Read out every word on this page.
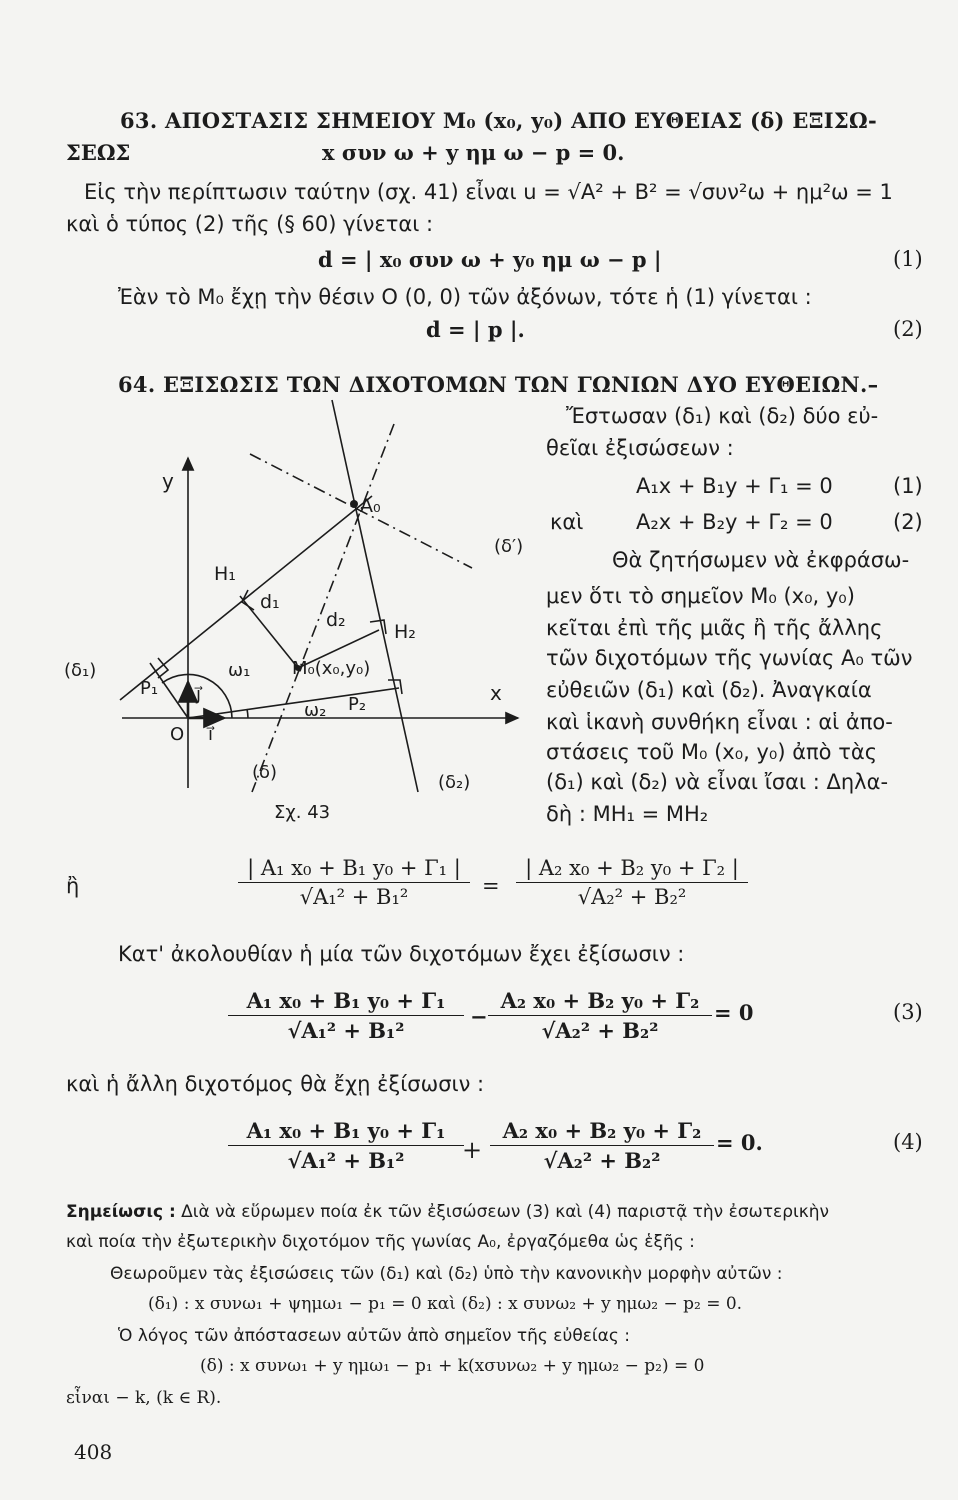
63. ΑΠΟΣΤΑΣΙΣ ΣΗΜΕΙΟΥ M₀ (x₀, y₀) ΑΠΟ ΕΥΘΕΙΑΣ (δ) ΕΞΙΣΩ-
ΣΕΩΣ	x συν ω + y ημ ω − p = 0.
Εἰς τὴν περίπτωσιν ταύτην (σχ. 41) εἶναι u = √A² + B² = √συν²ω + ημ²ω = 1
καὶ ὁ τύπος (2) τῆς (§ 60) γίνεται :
d = | x₀ συν ω + y₀ ημ ω − p |	(1)
Ἐὰν τὸ M₀ ἔχῃ τὴν θέσιν O (0, 0) τῶν ἀξόνων, τότε ἡ (1) γίνεται :
d = | p |.	(2)
64. ΕΞΙΣΩΣΙΣ ΤΩΝ ΔΙΧΟΤΟΜΩΝ ΤΩΝ ΓΩΝΙΩΝ ΔΥΟ ΕΥΘΕΙΩΝ.–
Ἔστωσαν (δ₁) καὶ (δ₂) δύο εὐ-
θεῖαι ἐξισώσεων :
A₁x + B₁y + Γ₁ = 0	(1)
καὶ	A₂x + B₂y + Γ₂ = 0	(2)
Θὰ ζητήσωμεν νὰ ἐκφράσω-
μεν ὅτι τὸ σημεῖον M₀ (x₀, y₀)
κεῖται ἐπὶ τῆς μιᾶς ἢ τῆς ἄλλης
τῶν διχοτόμων τῆς γωνίας A₀ τῶν
εὐθειῶν (δ₁) καὶ (δ₂). Ἀναγκαία
καὶ ἱκανὴ συνθήκη εἶναι : αἱ ἀπο-
στάσεις τοῦ M₀ (x₀, y₀) ἀπὸ τὰς
(δ₁) καὶ (δ₂) νὰ εἶναι ἴσαι : Δηλα-
δὴ : MH₁ = MH₂
y
x
O i⃗
j⃗
H₁
H₂
A₀
d₁
d₂
M₀(x₀,y₀)
ω₁
ω₂
P₁
P₂
(δ₁)
(δ₂)
(δ)
(δ′)
Σχ. 43
ἢ
| A₁ x₀ + B₁ y₀ + Γ₁ |
√A₁² + B₁²	=
| A₂ x₀ + B₂ y₀ + Γ₂ |
√A₂² + B₂²
Κατ' ἀκολουθίαν ἡ μία τῶν διχοτόμων ἔχει ἐξίσωσιν :
A₁ x₀ + B₁ y₀ + Γ₁
√A₁² + B₁²
−
A₂ x₀ + B₂ y₀ + Γ₂
√A₂² + B₂²
= 0	(3)
καὶ ἡ ἄλλη διχοτόμος θὰ ἔχῃ ἐξίσωσιν :
A₁ x₀ + B₁ y₀ + Γ₁
√A₁² + B₁²	+
A₂ x₀ + B₂ y₀ + Γ₂
√A₂² + B₂²
= 0.	(4)
Σημείωσις : Διὰ νὰ εὕρωμεν ποία ἐκ τῶν ἐξισώσεων (3) καὶ (4) παριστᾷ τὴν ἐσωτερικὴν
καὶ ποία τὴν ἐξωτερικὴν διχοτόμον τῆς γωνίας A₀, ἐργαζόμεθα ὡς ἑξῆς :
Θεωροῦμεν τὰς ἐξισώσεις τῶν (δ₁) καὶ (δ₂) ὑπὸ τὴν κανονικὴν μορφὴν αὐτῶν :
(δ₁) : x συνω₁ + ψημω₁ − p₁ = 0 καὶ (δ₂) : x συνω₂ + y ημω₂ − p₂ = 0.
Ὁ λόγος τῶν ἀπόστασεων αὐτῶν ἀπὸ σημεῖον τῆς εὐθείας :
(δ) : x συνω₁ + y ημω₁ − p₁ + k(xσυνω₂ + y ημω₂ − p₂) = 0
εἶναι − k, (k ∈ R).
408
